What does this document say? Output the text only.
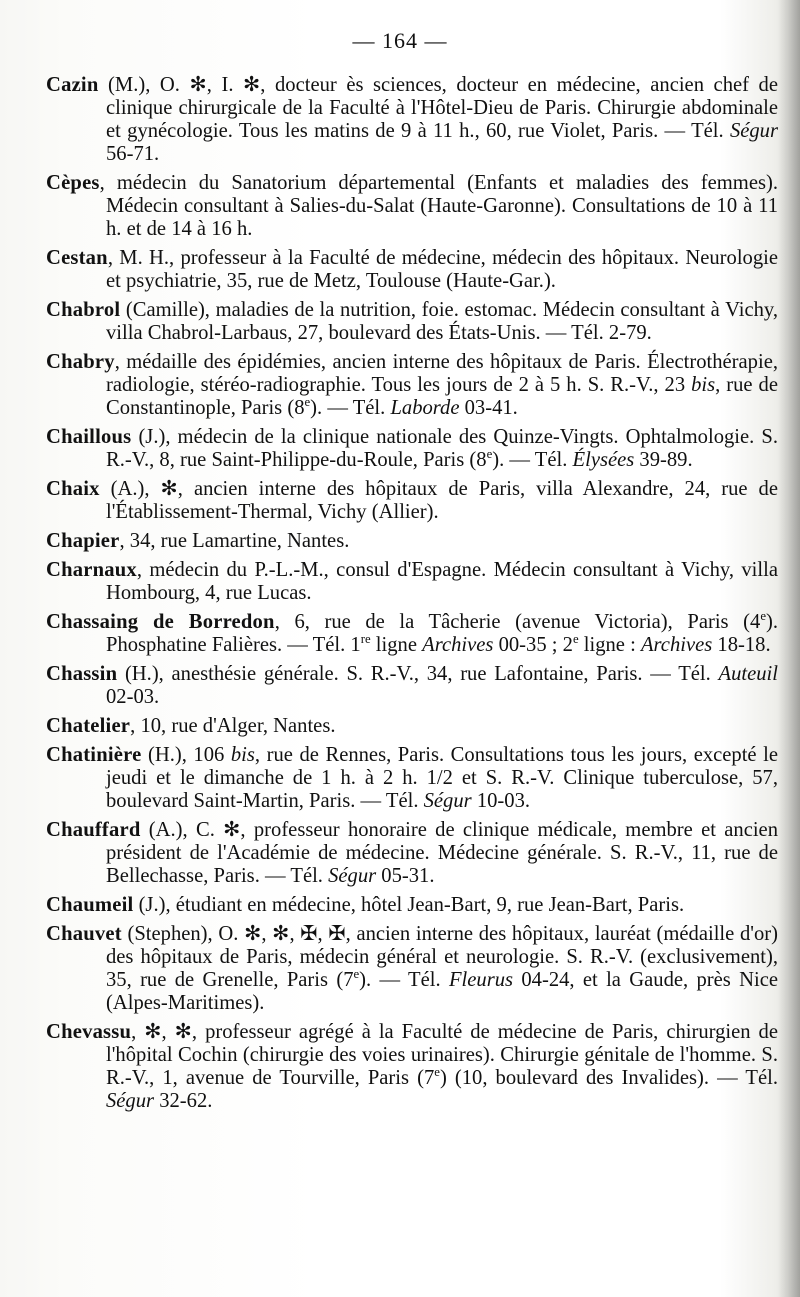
— 164 —

Cazin (M.), O. ✻, I. ✻, docteur ès sciences, docteur en médecine, ancien chef de clinique chirurgicale de la Faculté à l'Hôtel-Dieu de Paris. Chirurgie abdominale et gynécologie. Tous les matins de 9 à 11 h., 60, rue Violet, Paris. — Tél. Ségur 56-71.

Cèpes, médecin du Sanatorium départemental (Enfants et maladies des femmes). Médecin consultant à Salies-du-Salat (Haute-Garonne). Consultations de 10 à 11 h. et de 14 à 16 h.

Cestan, M. H., professeur à la Faculté de médecine, médecin des hôpitaux. Neurologie et psychiatrie, 35, rue de Metz, Toulouse (Haute-Gar.).

Chabrol (Camille), maladies de la nutrition, foie. estomac. Médecin consultant à Vichy, villa Chabrol-Larbaus, 27, boulevard des États-Unis. — Tél. 2-79.

Chabry, médaille des épidémies, ancien interne des hôpitaux de Paris. Électrothérapie, radiologie, stéréo-radiographie. Tous les jours de 2 à 5 h. S. R.-V., 23 bis, rue de Constantinople, Paris (8e). — Tél. Laborde 03-41.

Chaillous (J.), médecin de la clinique nationale des Quinze-Vingts. Ophtalmologie. S. R.-V., 8, rue Saint-Philippe-du-Roule, Paris (8e). — Tél. Élysées 39-89.

Chaix (A.), ✻, ancien interne des hôpitaux de Paris, villa Alexandre, 24, rue de l'Établissement-Thermal, Vichy (Allier).

Chapier, 34, rue Lamartine, Nantes.

Charnaux, médecin du P.-L.-M., consul d'Espagne. Médecin consultant à Vichy, villa Hombourg, 4, rue Lucas.

Chassaing de Borredon, 6, rue de la Tâcherie (avenue Victoria), Paris (4e). Phosphatine Falières. — Tél. 1re ligne Archives 00-35 ; 2e ligne : Archives 18-18.

Chassin (H.), anesthésie générale. S. R.-V., 34, rue Lafontaine, Paris. — Tél. Auteuil 02-03.

Chatelier, 10, rue d'Alger, Nantes.

Chatinière (H.), 106 bis, rue de Rennes, Paris. Consultations tous les jours, excepté le jeudi et le dimanche de 1 h. à 2 h. 1/2 et S. R.-V. Clinique tuberculose, 57, boulevard Saint-Martin, Paris. — Tél. Ségur 10-03.

Chauffard (A.), C. ✻, professeur honoraire de clinique médicale, membre et ancien président de l'Académie de médecine. Médecine générale. S. R.-V., 11, rue de Bellechasse, Paris. — Tél. Ségur 05-31.

Chaumeil (J.), étudiant en médecine, hôtel Jean-Bart, 9, rue Jean-Bart, Paris.

Chauvet (Stephen), O. ✻, ✻, ✠, ✠, ancien interne des hôpitaux, lauréat (médaille d'or) des hôpitaux de Paris, médecin général et neurologie. S. R.-V. (exclusivement), 35, rue de Grenelle, Paris (7e). — Tél. Fleurus 04-24, et la Gaude, près Nice (Alpes-Maritimes).

Chevassu, ✻, ✻, professeur agrégé à la Faculté de médecine de Paris, chirurgien de l'hôpital Cochin (chirurgie des voies urinaires). Chirurgie génitale de l'homme. S. R.-V., 1, avenue de Tourville, Paris (7e) (10, boulevard des Invalides). — Tél. Ségur 32-62.
